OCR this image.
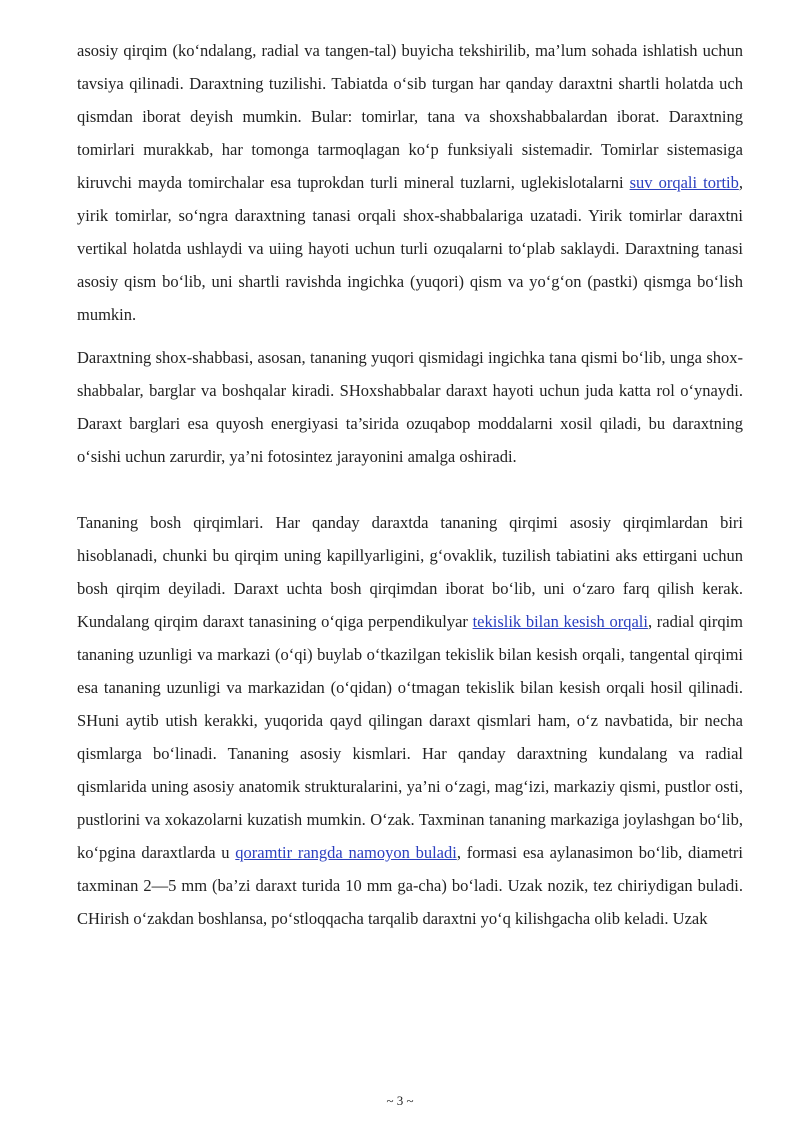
asosiy qirqim (ko‘ndalang, radial va tangen-tal) buyicha tekshirilib, ma’lum sohada ishlatish uchun tavsiya qilinadi. Daraxtning tuzilishi. Tabiatda o‘sib turgan har qanday daraxtni shartli holatda uch qismdan iborat deyish mumkin. Bular: tomirlar, tana va shoxshabbalardan iborat. Daraxtning tomirlari murakkab, har tomonga tarmoqlagan ko‘p funksiyali sistemadir. Tomirlar sistemasiga kiruvchi mayda tomirchalar esa tuprokdan turli mineral tuzlarni, uglekislotalarni suv orqali tortib, yirik tomirlar, so‘ngra daraxtning tanasi orqali shox-shabbalariga uzatadi. Yirik tomirlar daraxtni vertikal holatda ushlaydi va uiing hayoti uchun turli ozuqalarni to‘plab saklaydi. Daraxtning tanasi asosiy qism bo‘lib, uni shartli ravishda ingichka (yuqori) qism va yo‘g‘on (pastki) qismga bo‘lish mumkin.

Daraxtning shox-shabbasi, asosan, tananing yuqori qismidagi ingichka tana qismi bo‘lib, unga shox-shabbalar, barglar va boshqalar kiradi. SHoxshabbalar daraxt hayoti uchun juda katta rol o‘ynaydi. Daraxt barglari esa quyosh energiyasi ta’sirida ozuqabop moddalarni xosil qiladi, bu daraxtning o‘sishi uchun zarurdir, ya’ni fotosintez jarayonini amalga oshiradi.

Tananing bosh qirqimlari. Har qanday daraxtda tananing qirqimi asosiy qirqimlardan biri hisoblanadi, chunki bu qirqim uning kapillyarligini, g‘ovaklik, tuzilish tabiatini aks ettirgani uchun bosh qirqim deyiladi. Daraxt uchta bosh qirqimdan iborat bo‘lib, uni o‘zaro farq qilish kerak. Kundalang qirqim daraxt tanasining o‘qiga perpendikulyar tekislik bilan kesish orqali, radial qirqim tananing uzunligi va markazi (o‘qi) buylab o‘tkazilgan tekislik bilan kesish orqali, tangental qirqimi esa tananing uzunligi va markazidan (o‘qidan) o‘tmagan tekislik bilan kesish orqali hosil qilinadi. SHuni aytib utish kerakki, yuqorida qayd qilingan daraxt qismlari ham, o‘z navbatida, bir necha qismlarga bo‘linadi. Tananing asosiy kismlari. Har qanday daraxtning kundalang va radial qismlarida uning asosiy anatomik strukturalarini, ya’ni o‘zagi, mag‘izi, markaziy qismi, pustlor osti, pustlorini va xokazolarni kuzatish mumkin. O‘zak. Taxminan tananing markaziga joylashgan bo‘lib, ko‘pgina daraxtlarda u qoramtir rangda namoyon buladi, formasi esa aylanasimon bo‘lib, diametri taxminan 2—5 mm (ba’zi daraxt turida 10 mm ga-cha) bo‘ladi. Uzak nozik, tez chiriydigan buladi. CHirish o‘zakdan boshlansa, po‘stloqqacha tarqalib daraxtni yo‘q kilishgacha olib keladi. Uzak

~ 3 ~
